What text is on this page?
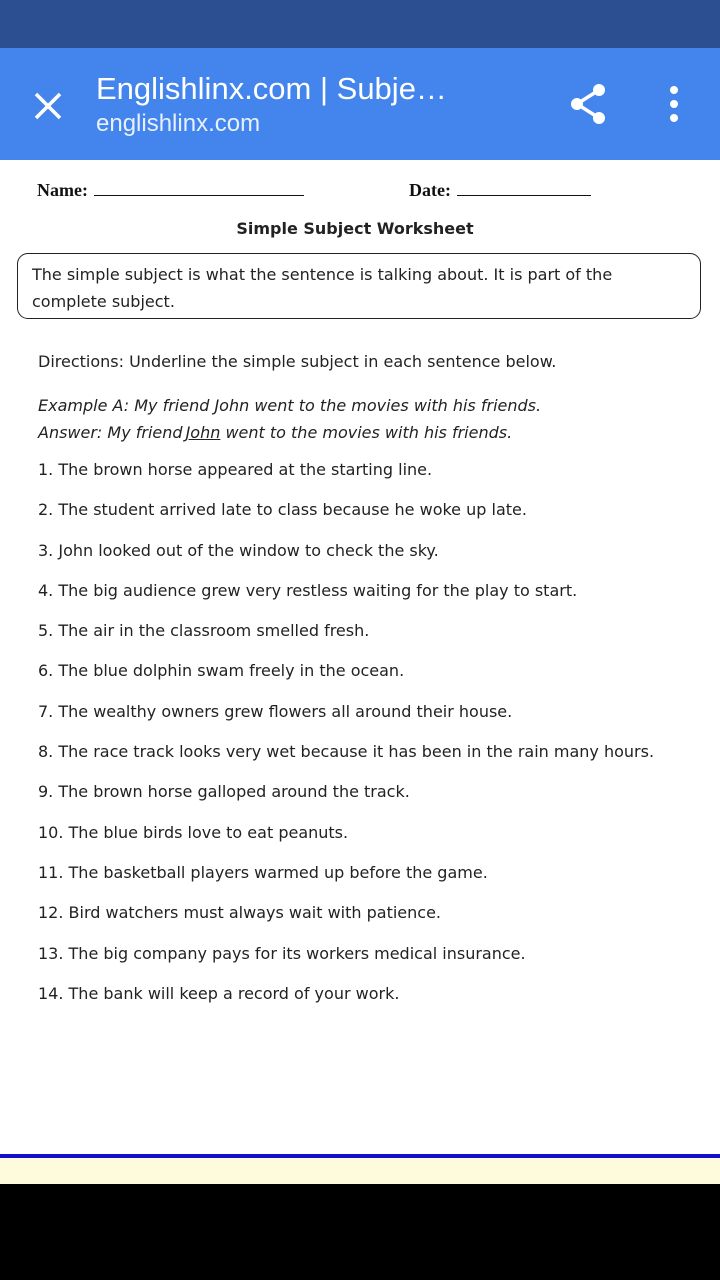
Englishlinx.com | Subje…
englishlinx.com
Name:	Date:
Simple Subject Worksheet
The simple subject is what the sentence is talking about. It is part of the complete subject.
Directions: Underline the simple subject in each sentence below.
Example A: My friend John went to the movies with his friends.
Answer: My friend John went to the movies with his friends.
1. The brown horse appeared at the starting line.
2. The student arrived late to class because he woke up late.
3. John looked out of the window to check the sky.
4. The big audience grew very restless waiting for the play to start.
5. The air in the classroom smelled fresh.
6. The blue dolphin swam freely in the ocean.
7. The wealthy owners grew flowers all around their house.
8. The race track looks very wet because it has been in the rain many hours.
9. The brown horse galloped around the track.
10. The blue birds love to eat peanuts.
11. The basketball players warmed up before the game.
12. Bird watchers must always wait with patience.
13. The big company pays for its workers medical insurance.
14. The bank will keep a record of your work.
